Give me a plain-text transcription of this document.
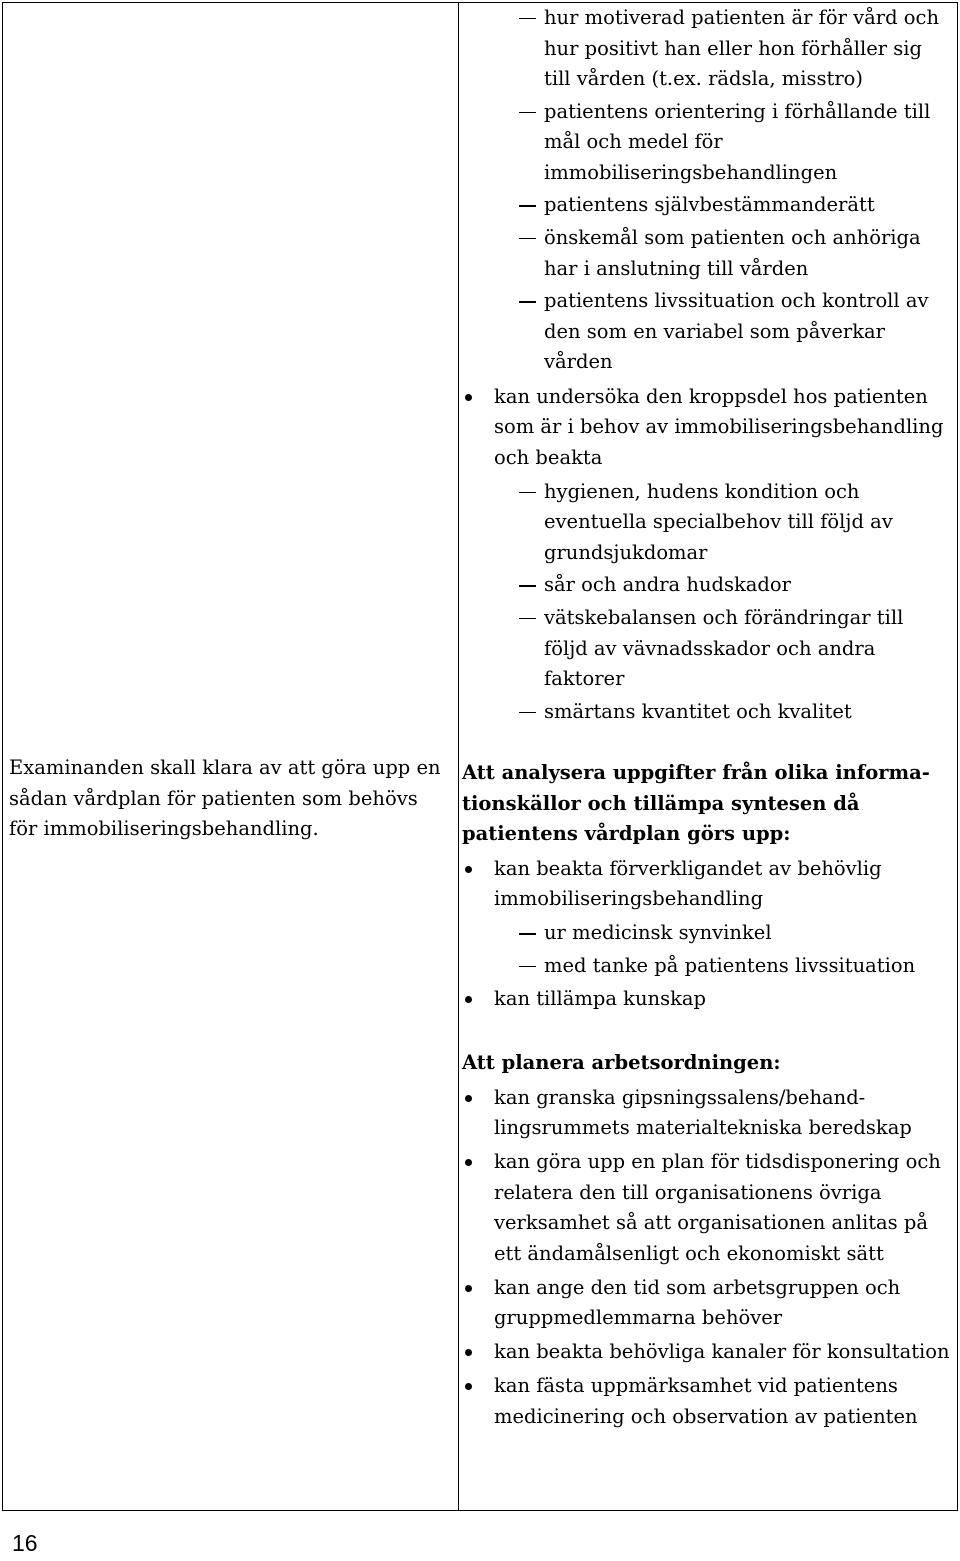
Examinanden skall klara av att göra upp en sådan vårdplan för patienten som behövs för immobiliseringsbehandling.
hur motiverad patienten är för vård och hur positivt han eller hon förhåller sig till vården (t.ex. rädsla, misstro)
patientens orientering i förhållande till mål och medel för immobiliseringsbehandlingen
patientens självbestämmanderätt
önskemål som patienten och anhöriga har i anslutning till vården
patientens livssituation och kontroll av den som en variabel som påverkar vården
kan undersöka den kroppsdel hos patienten som är i behov av immobiliseringsbehandling och beakta
hygienen, hudens kondition och eventuella specialbehov till följd av grundsjukdomar
sår och andra hudskador
vätskebalansen och förändringar till följd av vävnadsskador och andra faktorer
smärtans kvantitet och kvalitet
Att analysera uppgifter från olika informa-tionskällor och tillämpa syntesen då patientens vårdplan görs upp:
kan beakta förverkligandet av behövlig immobiliseringsbehandling
ur medicinsk synvinkel
med tanke på patientens livssituation
kan tillämpa kunskap
Att planera arbetsordningen:
kan granska gipsningssalens/behand-lingsrummets materialtekniska beredskap
kan göra upp en plan för tidsdisponering och relatera den till organisationens övriga verksamhet så att organisationen anlitas på ett ändamålsenligt och ekonomiskt sätt
kan ange den tid som arbetsgruppen och gruppmedlemmarna behöver
kan beakta behövliga kanaler för konsultation
kan fästa uppmärksamhet vid patientens medicinering och observation av patienten
16
